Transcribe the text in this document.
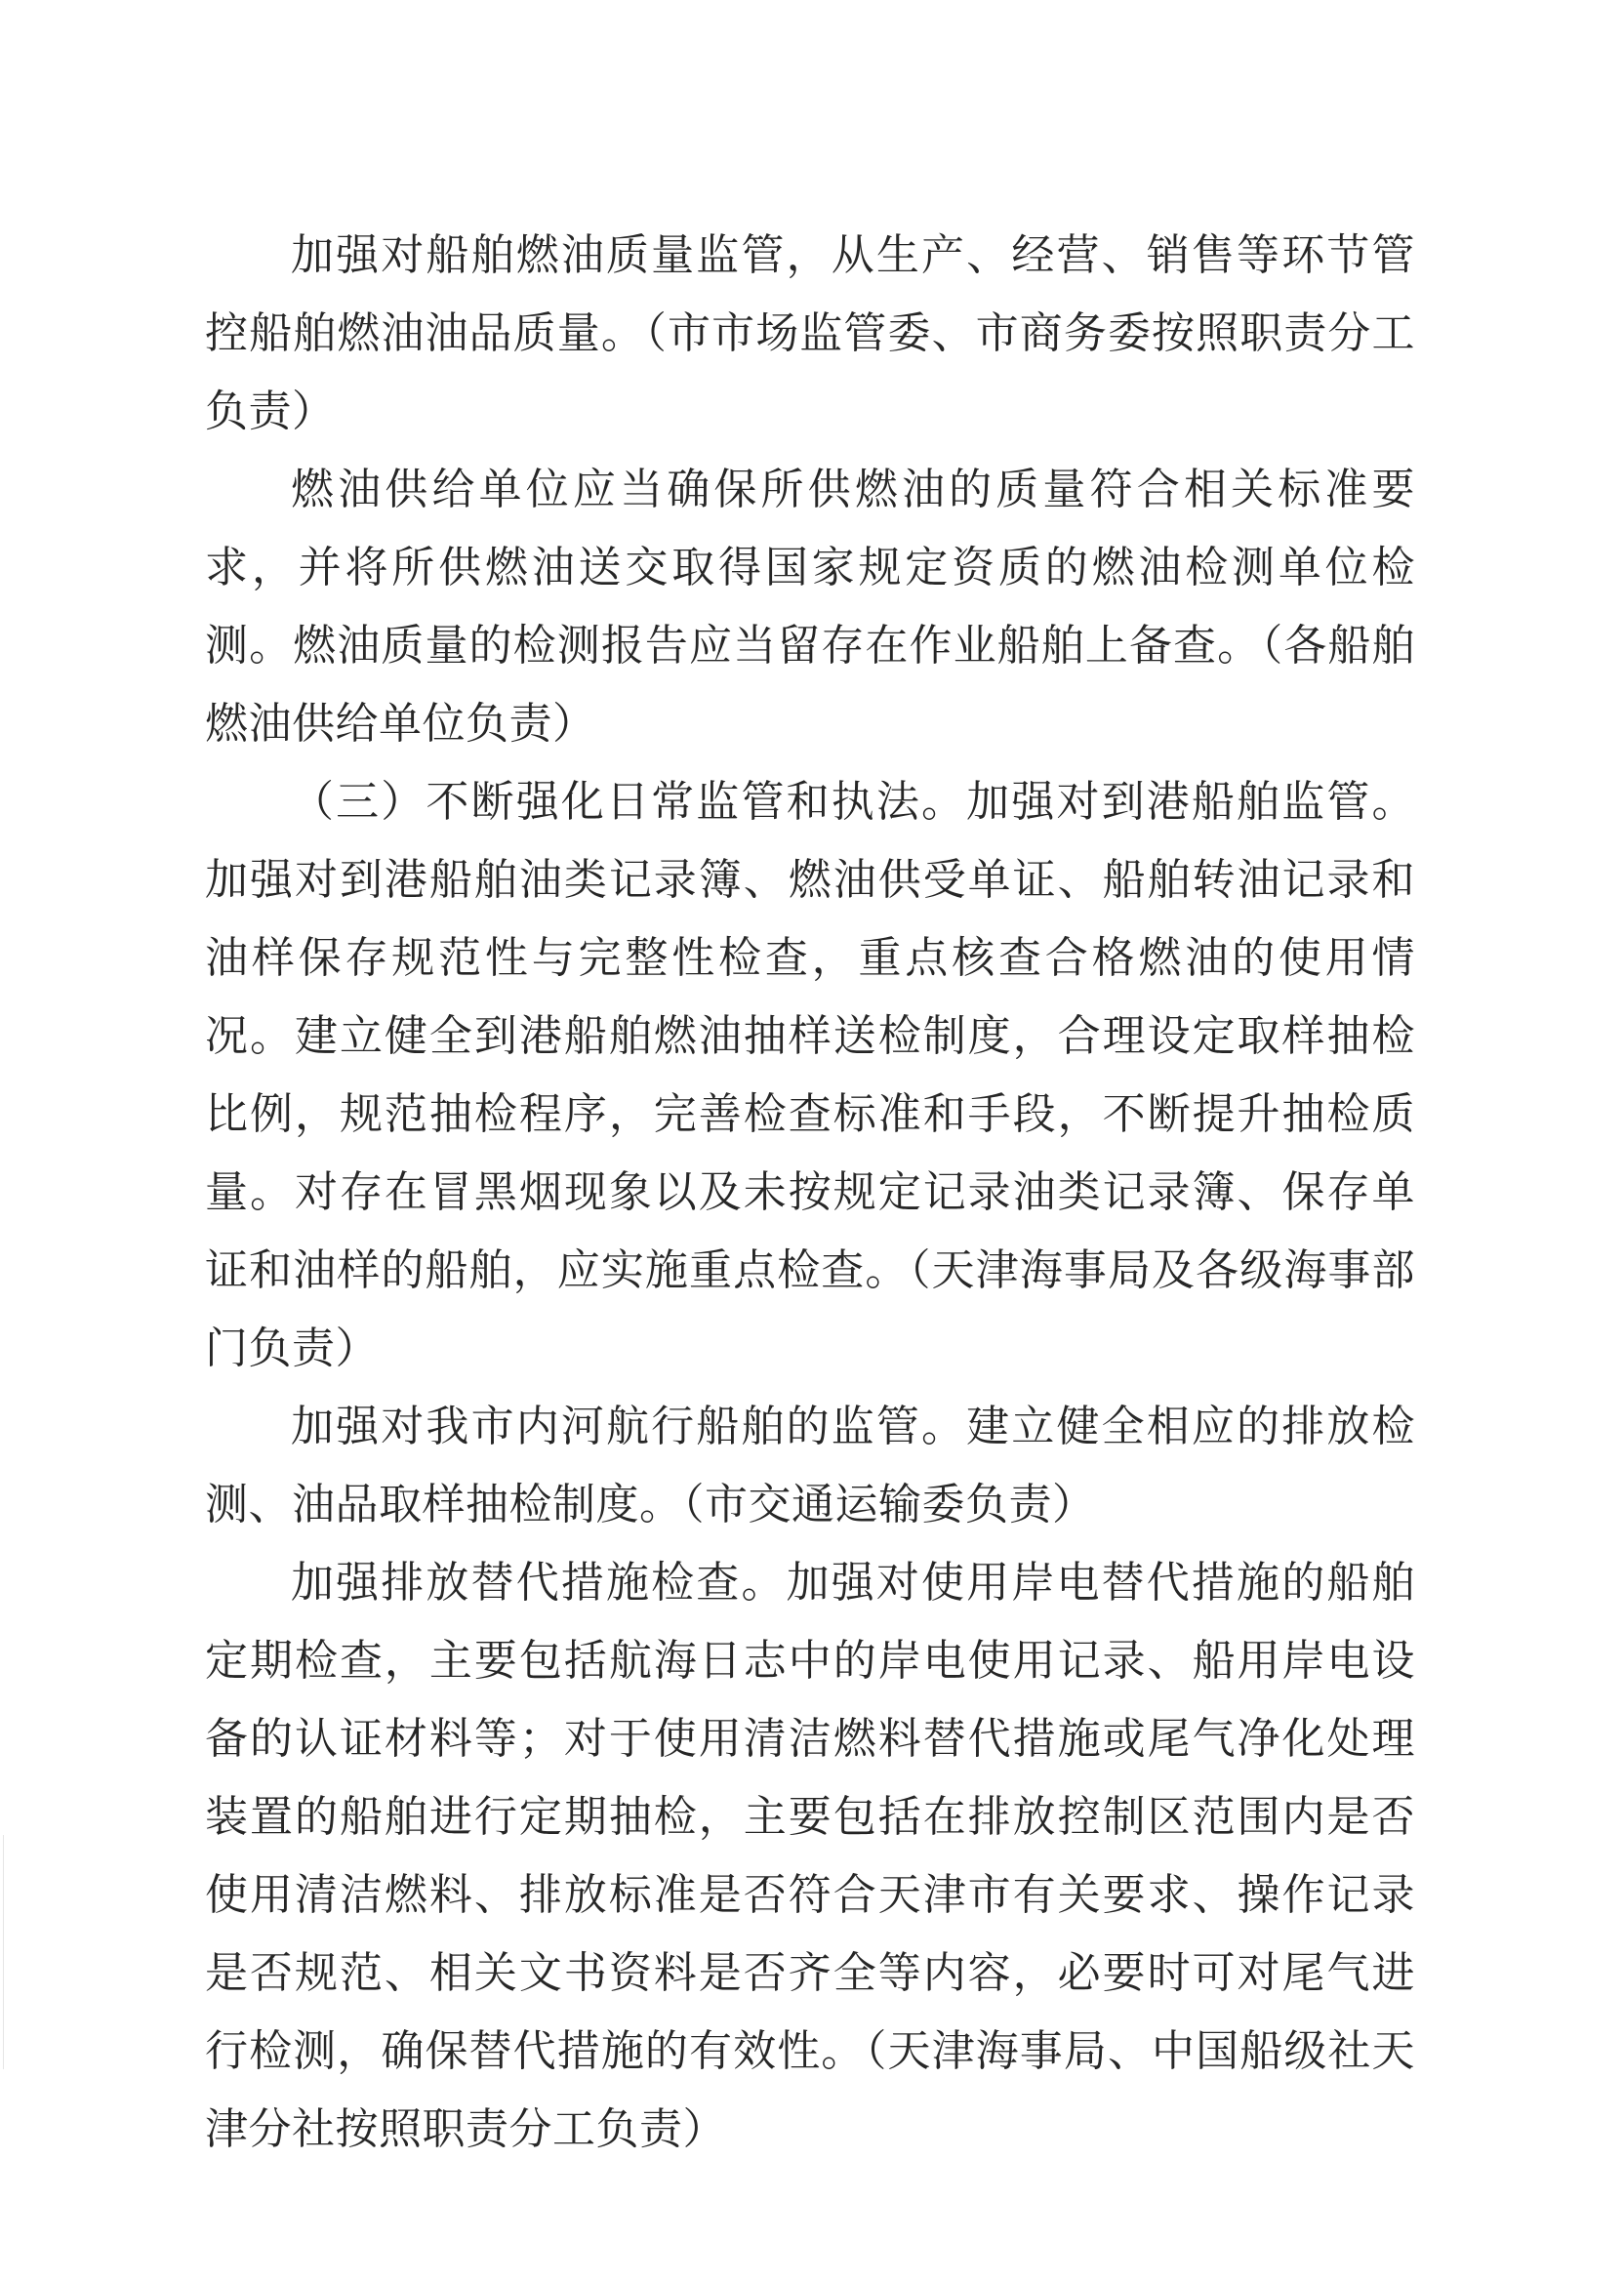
加强对船舶燃油质量监管，从生产、经营、销售等环节管控船舶燃油油品质量。（市市场监管委、市商务委按照职责分工负责）

燃油供给单位应当确保所供燃油的质量符合相关标准要求，并将所供燃油送交取得国家规定资质的燃油检测单位检测。燃油质量的检测报告应当留存在作业船舶上备查。（各船舶燃油供给单位负责）

（三）不断强化日常监管和执法。加强对到港船舶监管。加强对到港船舶油类记录簿、燃油供受单证、船舶转油记录和油样保存规范性与完整性检查，重点核查合格燃油的使用情况。建立健全到港船舶燃油抽样送检制度，合理设定取样抽检比例，规范抽检程序，完善检查标准和手段，不断提升抽检质量。对存在冒黑烟现象以及未按规定记录油类记录簿、保存单证和油样的船舶，应实施重点检查。（天津海事局及各级海事部门负责）

加强对我市内河航行船舶的监管。建立健全相应的排放检测、油品取样抽检制度。（市交通运输委负责）

加强排放替代措施检查。加强对使用岸电替代措施的船舶定期检查，主要包括航海日志中的岸电使用记录、船用岸电设备的认证材料等；对于使用清洁燃料替代措施或尾气净化处理装置的船舶进行定期抽检，主要包括在排放控制区范围内是否使用清洁燃料、排放标准是否符合天津市有关要求、操作记录是否规范、相关文书资料是否齐全等内容，必要时可对尾气进行检测，确保替代措施的有效性。（天津海事局、中国船级社天津分社按照职责分工负责）
